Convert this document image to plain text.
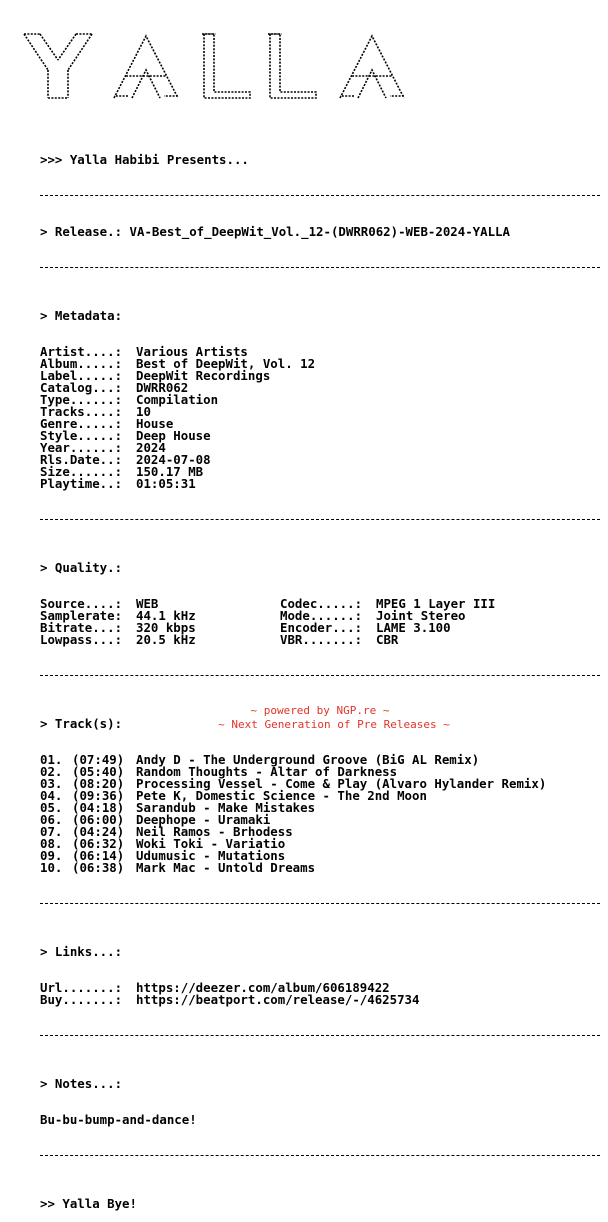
>>> Yalla Habibi Presents...

> Release.: VA-Best_of_DeepWit_Vol._12-(DWRR062)-WEB-2024-YALLA

> Metadata:

Artist....: Various Artists
Album.....: Best of DeepWit, Vol. 12
Label.....: DeepWit Recordings
Catalog...: DWRR062
Type......: Compilation
Tracks....: 10
Genre.....: House
Style.....: Deep House
Year......: 2024
Rls.Date..: 2024-07-08
Size......: 150.17 MB
Playtime..: 01:05:31

> Quality.:

Source....: WEB	Codec.....: MPEG 1 Layer III
Samplerate: 44.1 kHz	Mode......: Joint Stereo
Bitrate...: 320 kbps	Encoder...: LAME 3.100
Lowpass...: 20.5 kHz	VBR.......: CBR

> Track(s):

01. (07:49) Andy D - The Underground Groove (BiG AL Remix)
02. (05:40) Random Thoughts - Altar of Darkness
03. (08:20) Processing Vessel - Come & Play (Alvaro Hylander Remix)
04. (09:36) Pete K, Domestic Science - The 2nd Moon
05. (04:18) Sarandub - Make Mistakes
06. (06:00) Deephope - Uramaki
07. (04:24) Neil Ramos - Brhodess
08. (06:32) Woki Toki - Variatio
09. (06:14) Udumusic - Mutations
10. (06:38) Mark Mac - Untold Dreams

> Links...:

Url.......: https://deezer.com/album/606189422
Buy.......: https://beatport.com/release/-/4625734

> Notes...:

Bu-bu-bump-and-dance!

>> Yalla Bye!

~ powered by NGP.re ~
~ Next Generation of Pre Releases ~
